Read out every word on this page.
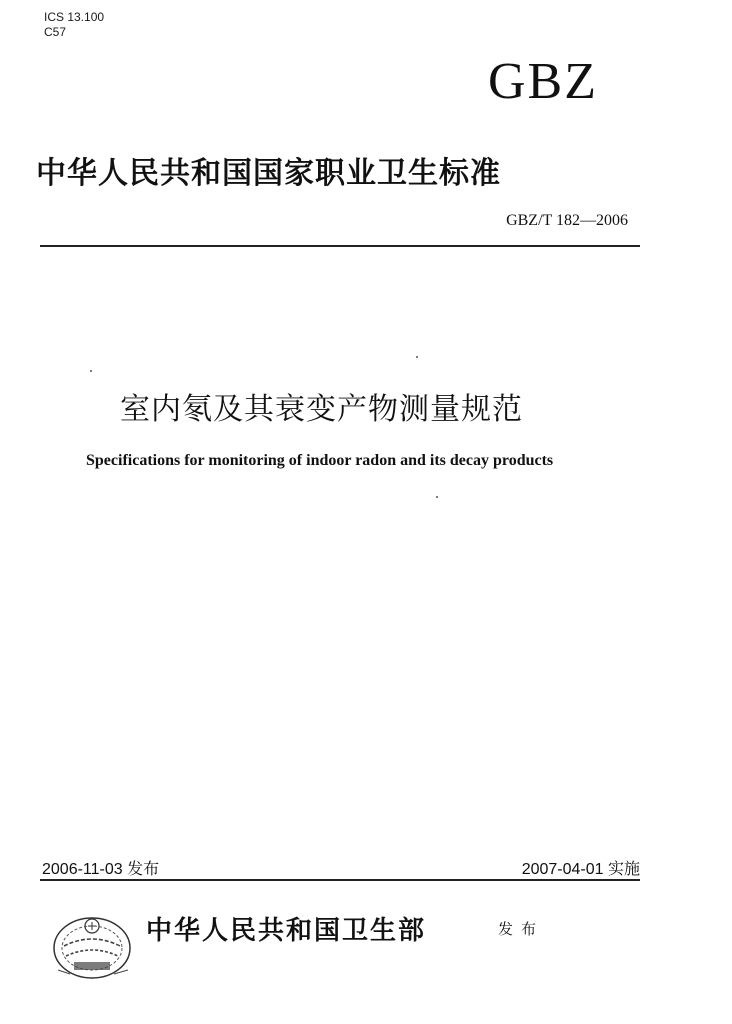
ICS 13.100
C57
GBZ
中华人民共和国国家职业卫生标准
GBZ/T 182—2006
室内氡及其衰变产物测量规范
Specifications for monitoring of indoor radon and its decay products
2006-11-03 发布	2007-04-01 实施
中华人民共和国卫生部	发布
